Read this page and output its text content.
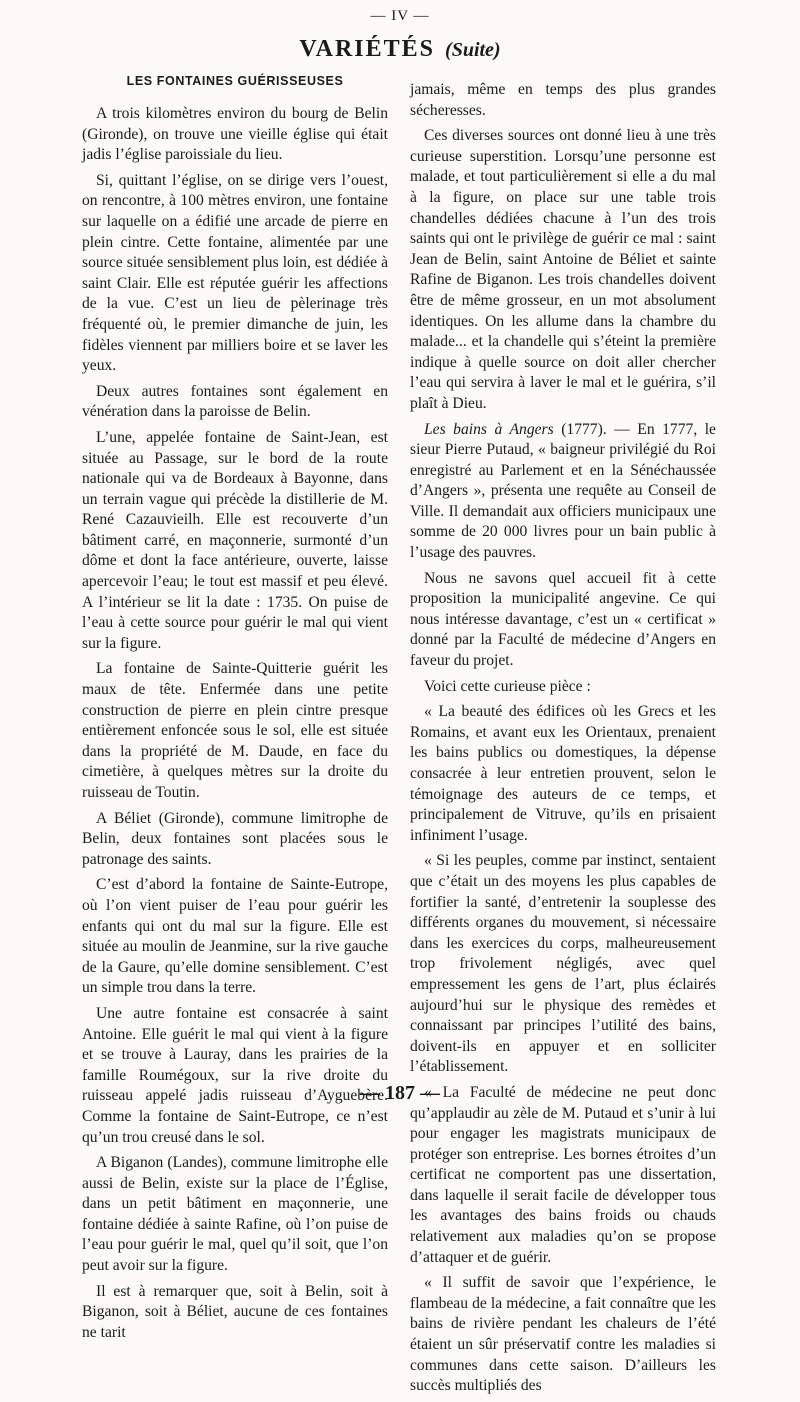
— IV —
VARIÉTÉS (Suite)
LES FONTAINES GUÉRISSEUSES

A trois kilomètres environ du bourg de Belin (Gironde), on trouve une vieille église qui était jadis l’église paroissiale du lieu.

Si, quittant l’église, on se dirige vers l’ouest, on rencontre, à 100 mètres environ, une fontaine sur laquelle on a édifié une arcade de pierre en plein cintre. Cette fontaine, alimentée par une source située sensiblement plus loin, est dédiée à saint Clair. Elle est réputée guérir les affections de la vue. C’est un lieu de pèlerinage très fréquenté où, le premier dimanche de juin, les fidèles viennent par milliers boire et se laver les yeux.

Deux autres fontaines sont également en vénération dans la paroisse de Belin.

L’une, appelée fontaine de Saint-Jean, est située au Passage, sur le bord de la route nationale qui va de Bordeaux à Bayonne, dans un terrain vague qui précède la distillerie de M. René Cazauvieilh. Elle est recouverte d’un bâtiment carré, en maçonnerie, surmonté d’un dôme et dont la face antérieure, ouverte, laisse apercevoir l’eau; le tout est massif et peu élevé. A l’intérieur se lit la date : 1735. On puise de l’eau à cette source pour guérir le mal qui vient sur la figure.

La fontaine de Sainte-Quitterie guérit les maux de tête. Enfermée dans une petite construction de pierre en plein cintre presque entièrement enfoncée sous le sol, elle est située dans la propriété de M. Daude, en face du cimetière, à quelques mètres sur la droite du ruisseau de Toutin.

A Béliet (Gironde), commune limitrophe de Belin, deux fontaines sont placées sous le patronage des saints.

C’est d’abord la fontaine de Sainte-Eutrope, où l’on vient puiser de l’eau pour guérir les enfants qui ont du mal sur la figure. Elle est située au moulin de Jeanmine, sur la rive gauche de la Gaure, qu’elle domine sensiblement. C’est un simple trou dans la terre.

Une autre fontaine est consacrée à saint Antoine. Elle guérit le mal qui vient à la figure et se trouve à Lauray, dans les prairies de la famille Roumégoux, sur la rive droite du ruisseau appelé jadis ruisseau d’Ayguebère. Comme la fontaine de Saint-Eutrope, ce n’est qu’un trou creusé dans le sol.

A Biganon (Landes), commune limitrophe elle aussi de Belin, existe sur la place de l’Église, dans un petit bâtiment en maçonnerie, une fontaine dédiée à sainte Rafine, où l’on puise de l’eau pour guérir le mal, quel qu’il soit, que l’on peut avoir sur la figure.

Il est à remarquer que, soit à Belin, soit à Biganon, soit à Béliet, aucune de ces fontaines ne tarit

jamais, même en temps des plus grandes sécheresses.

Ces diverses sources ont donné lieu à une très curieuse superstition. Lorsqu’une personne est malade, et tout particulièrement si elle a du mal à la figure, on place sur une table trois chandelles dédiées chacune à l’un des trois saints qui ont le privilège de guérir ce mal : saint Jean de Belin, saint Antoine de Béliet et sainte Rafine de Biganon. Les trois chandelles doivent être de même grosseur, en un mot absolument identiques. On les allume dans la chambre du malade... et la chandelle qui s’éteint la première indique à quelle source on doit aller chercher l’eau qui servira à laver le mal et le guérira, s’il plaît à Dieu.

Les bains à Angers (1777). — En 1777, le sieur Pierre Putaud, « baigneur privilégié du Roi enregistré au Parlement et en la Sénéchaussée d’Angers », présenta une requête au Conseil de Ville. Il demandait aux officiers municipaux une somme de 20 000 livres pour un bain public à l’usage des pauvres.

Nous ne savons quel accueil fit à cette proposition la municipalité angevine. Ce qui nous intéresse davantage, c’est un « certificat » donné par la Faculté de médecine d’Angers en faveur du projet.

Voici cette curieuse pièce :

« La beauté des édifices où les Grecs et les Romains, et avant eux les Orientaux, prenaient les bains publics ou domestiques, la dépense consacrée à leur entretien prouvent, selon le témoignage des auteurs de ce temps, et principalement de Vitruve, qu’ils en prisaient infiniment l’usage.

« Si les peuples, comme par instinct, sentaient que c’était un des moyens les plus capables de fortifier la santé, d’entretenir la souplesse des différents organes du mouvement, si nécessaire dans les exercices du corps, malheureusement trop frivolement négligés, avec quel empressement les gens de l’art, plus éclairés aujourd’hui sur le physique des remèdes et connaissant par principes l’utilité des bains, doivent-ils en appuyer et en solliciter l’établissement.

« La Faculté de médecine ne peut donc qu’applaudir au zèle de M. Putaud et s’unir à lui pour engager les magistrats municipaux de protéger son entreprise. Les bornes étroites d’un certificat ne comportent pas une dissertation, dans laquelle il serait facile de développer tous les avantages des bains froids ou chauds relativement aux maladies qu’on se propose d’attaquer et de guérir.

« Il suffit de savoir que l’expérience, le flambeau de la médecine, a fait connaître que les bains de rivière pendant les chaleurs de l’été étaient un sûr préservatif contre les maladies si communes dans cette saison. D’ailleurs les succès multipliés des

— 187 —
